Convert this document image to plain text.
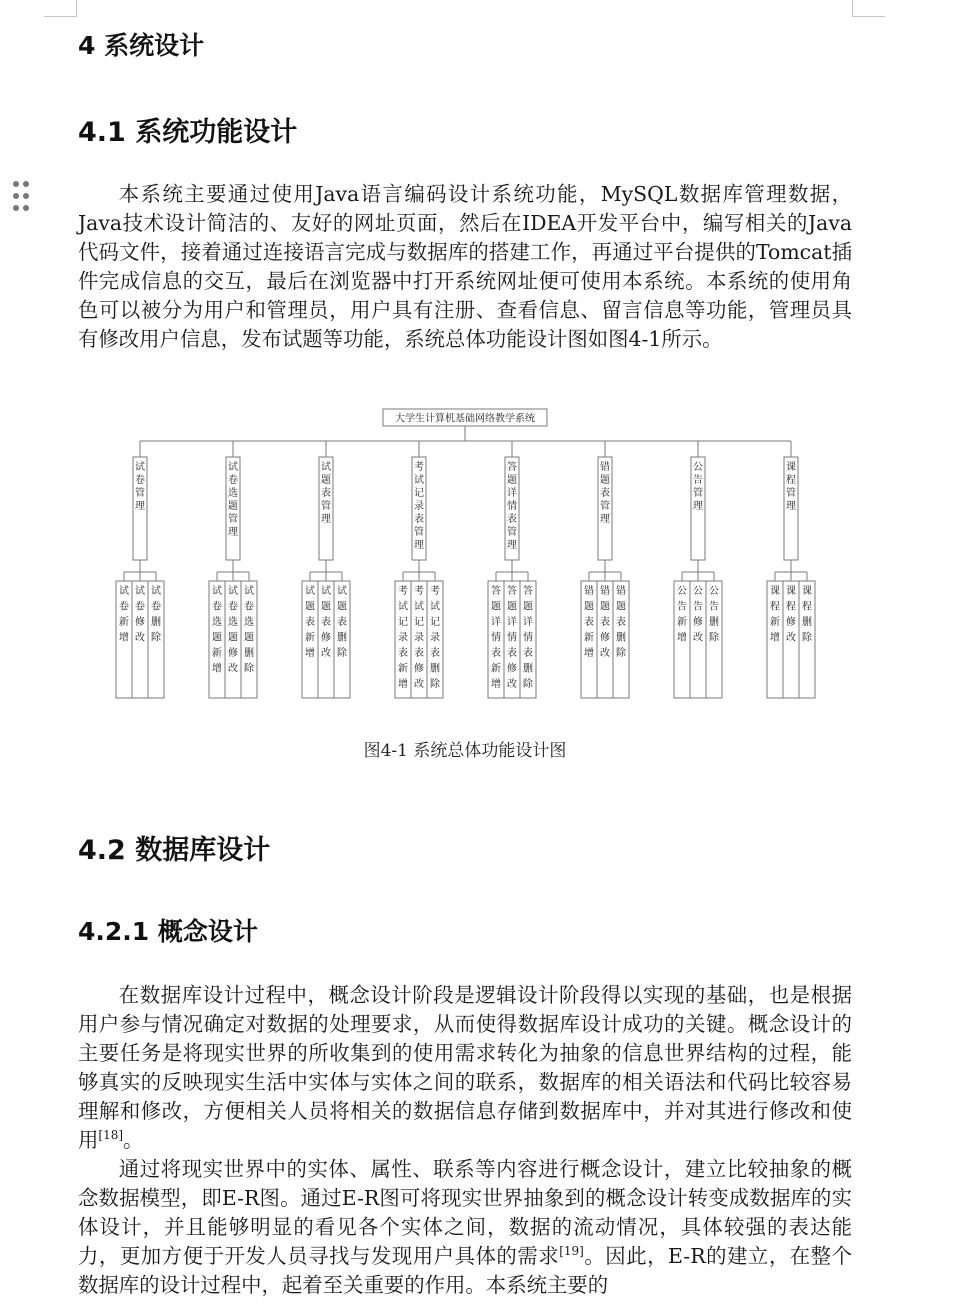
4 系统设计
4.1 系统功能设计

本系统主要通过使用Java语言编码设计系统功能，MySQL数据库管理数据，Java技术设计简洁的、友好的网址页面，然后在IDEA开发平台中，编写相关的Java代码文件，接着通过连接语言完成与数据库的搭建工作，再通过平台提供的Tomcat插件完成信息的交互，最后在浏览器中打开系统网址便可使用本系统。本系统的使用角色可以被分为用户和管理员，用户具有注册、查看信息、留言信息等功能，管理员具有修改用户信息，发布试题等功能，系统总体功能设计图如图4-1所示。

大学生计算机基础网络教学系统
试卷管理
试卷新增
试卷修改
试卷删除
试卷选题管理
试卷选题新增
试卷选题修改
试卷选题删除
试题表管理
试题表新增
试题表修改
试题表删除
考试记录表管理
考试记录表新增
考试记录表修改
考试记录表删除
答题详情表管理
答题详情表新增
答题详情表修改
答题详情表删除
错题表管理
错题表新增
错题表修改
错题表删除
公告管理
公告新增
公告修改
公告删除
课程管理
课程新增
课程修改
课程删除
图4-1 系统总体功能设计图
4.2 数据库设计
4.2.1 概念设计

在数据库设计过程中，概念设计阶段是逻辑设计阶段得以实现的基础，也是根据用户参与情况确定对数据的处理要求，从而使得数据库设计成功的关键。概念设计的主要任务是将现实世界的所收集到的使用需求转化为抽象的信息世界结构的过程，能够真实的反映现实生活中实体与实体之间的联系，数据库的相关语法和代码比较容易理解和修改，方便相关人员将相关的数据信息存储到数据库中，并对其进行修改和使用[18]。

通过将现实世界中的实体、属性、联系等内容进行概念设计，建立比较抽象的概念数据模型，即E-R图。通过E-R图可将现实世界抽象到的概念设计转变成数据库的实体设计，并且能够明显的看见各个实体之间，数据的流动情况，具体较强的表达能力，更加方便于开发人员寻找与发现用户具体的需求[19]。因此，E-R的建立，在整个数据库的设计过程中，起着至关重要的作用。本系统主要的
